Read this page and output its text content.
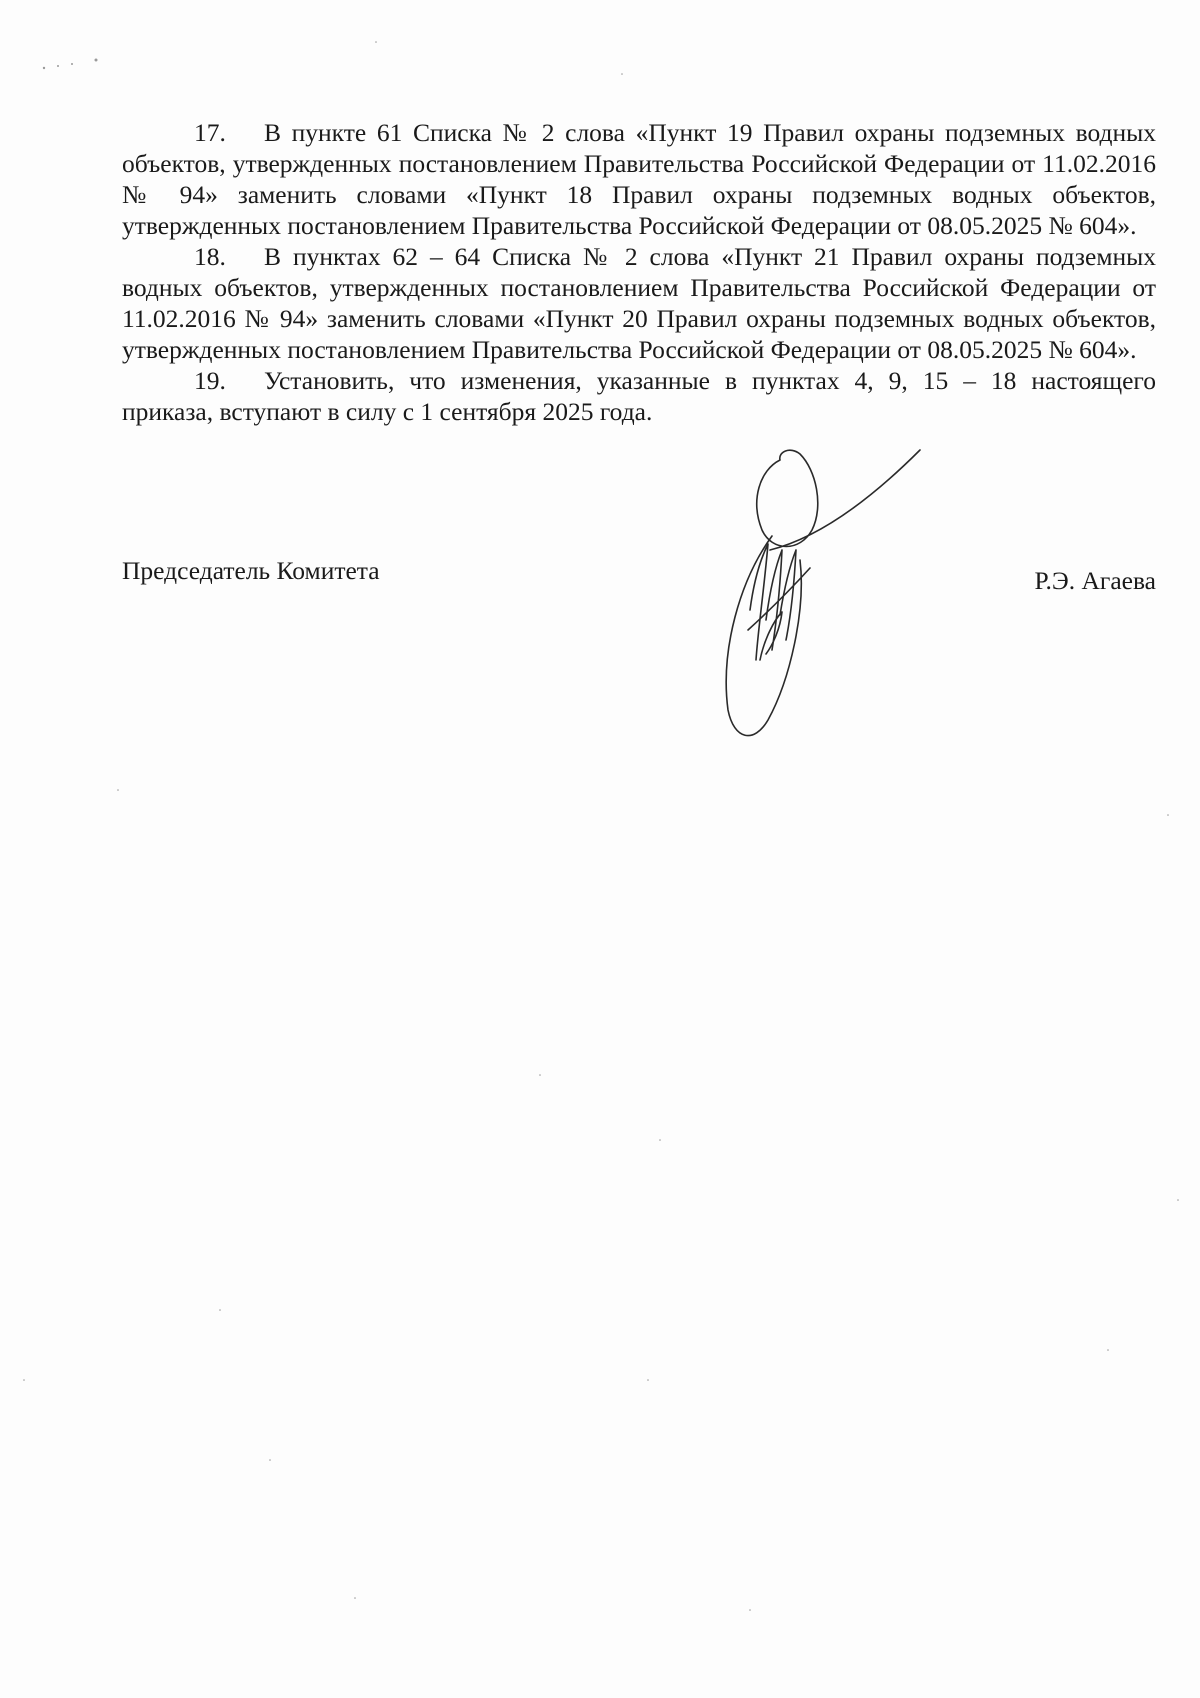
17. В пункте 61 Списка № 2 слова «Пункт 19 Правил охраны подземных водных объектов, утвержденных постановлением Правительства Российской Федерации от 11.02.2016 № 94» заменить словами «Пункт 18 Правил охраны подземных водных объектов, утвержденных постановлением Правительства Российской Федерации от 08.05.2025 № 604».

18. В пунктах 62 – 64 Списка № 2 слова «Пункт 21 Правил охраны подземных водных объектов, утвержденных постановлением Правительства Российской Федерации от 11.02.2016 № 94» заменить словами «Пункт 20 Правил охраны подземных водных объектов, утвержденных постановлением Правительства Российской Федерации от 08.05.2025 № 604».

19. Установить, что изменения, указанные в пунктах 4, 9, 15 – 18 настоящего приказа, вступают в силу с 1 сентября 2025 года.

Председатель Комитета	Р.Э. Агаева
